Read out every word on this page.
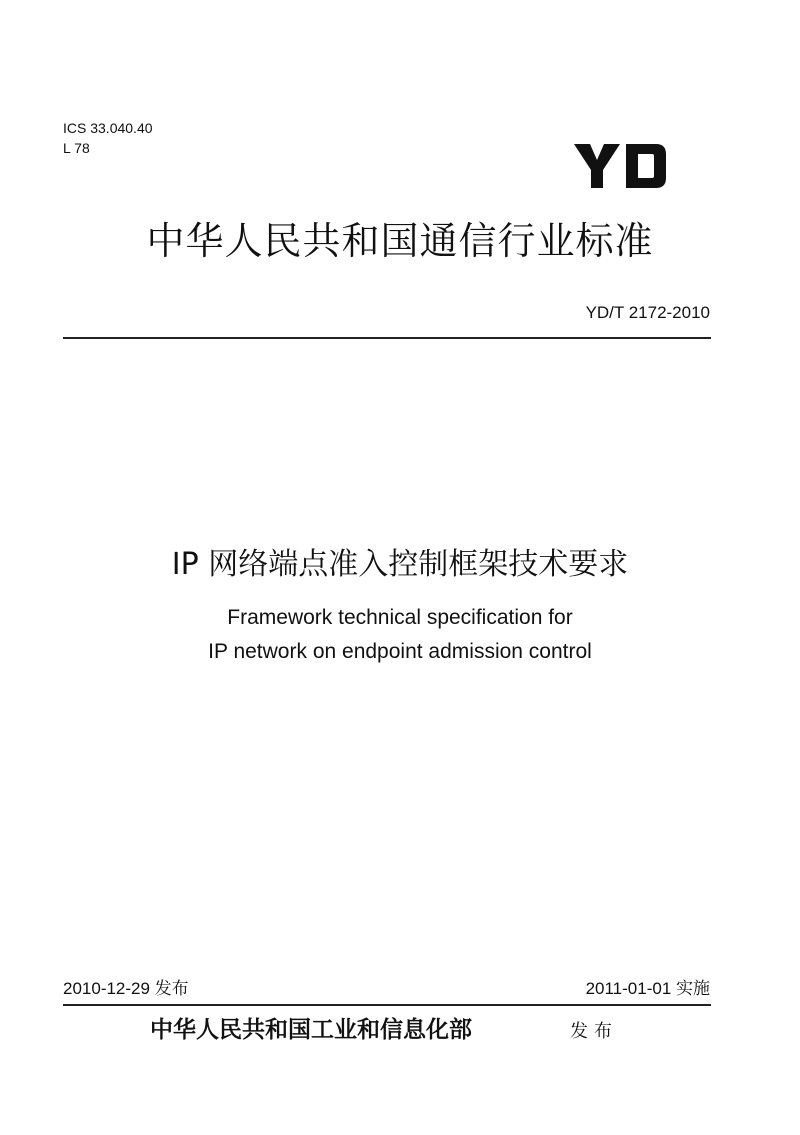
ICS 33.040.40
L 78
中华人民共和国通信行业标准
YD/T 2172-2010
IP 网络端点准入控制框架技术要求
Framework technical specification for
IP network on endpoint admission control
2010-12-29 发布	2011-01-01 实施
中华人民共和国工业和信息化部	发布
